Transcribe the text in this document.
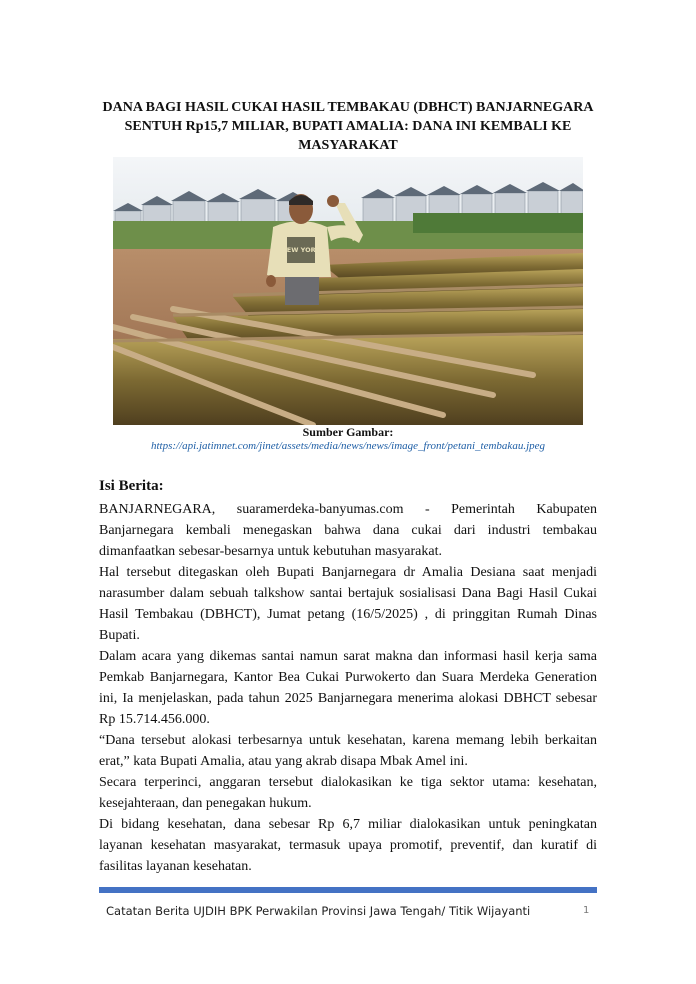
DANA BAGI HASIL CUKAI HASIL TEMBAKAU (DBHCT) BANJARNEGARA SENTUH Rp15,7 MILIAR, BUPATI AMALIA: DANA INI KEMBALI KE MASYARAKAT
NEW YORK
Sumber Gambar:
https://api.jatimnet.com/jinet/assets/media/news/news/image_front/petani_tembakau.jpeg
Isi Berita:

BANJARNEGARA, suaramerdeka-banyumas.com - Pemerintah Kabupaten Banjarnegara kembali menegaskan bahwa dana cukai dari industri tembakau dimanfaatkan sebesar-besarnya untuk kebutuhan masyarakat.

Hal tersebut ditegaskan oleh Bupati Banjarnegara dr Amalia Desiana saat menjadi narasumber dalam sebuah talkshow santai bertajuk sosialisasi Dana Bagi Hasil Cukai Hasil Tembakau (DBHCT), Jumat petang (16/5/2025) , di pringgitan Rumah Dinas Bupati.

Dalam acara yang dikemas santai namun sarat makna dan informasi hasil kerja sama Pemkab Banjarnegara, Kantor Bea Cukai Purwokerto dan Suara Merdeka Generation ini, Ia menjelaskan, pada tahun 2025 Banjarnegara menerima alokasi DBHCT sebesar Rp 15.714.456.000.

“Dana tersebut alokasi terbesarnya untuk kesehatan, karena memang lebih berkaitan erat,” kata Bupati Amalia, atau yang akrab disapa Mbak Amel ini.

Secara terperinci, anggaran tersebut dialokasikan ke tiga sektor utama: kesehatan, kesejahteraan, dan penegakan hukum.

Di bidang kesehatan, dana sebesar Rp 6,7 miliar dialokasikan untuk peningkatan layanan kesehatan masyarakat, termasuk upaya promotif, preventif, dan kuratif di fasilitas layanan kesehatan.

Catatan Berita UJDIH BPK Perwakilan Provinsi Jawa Tengah/ Titik Wijayanti	1
